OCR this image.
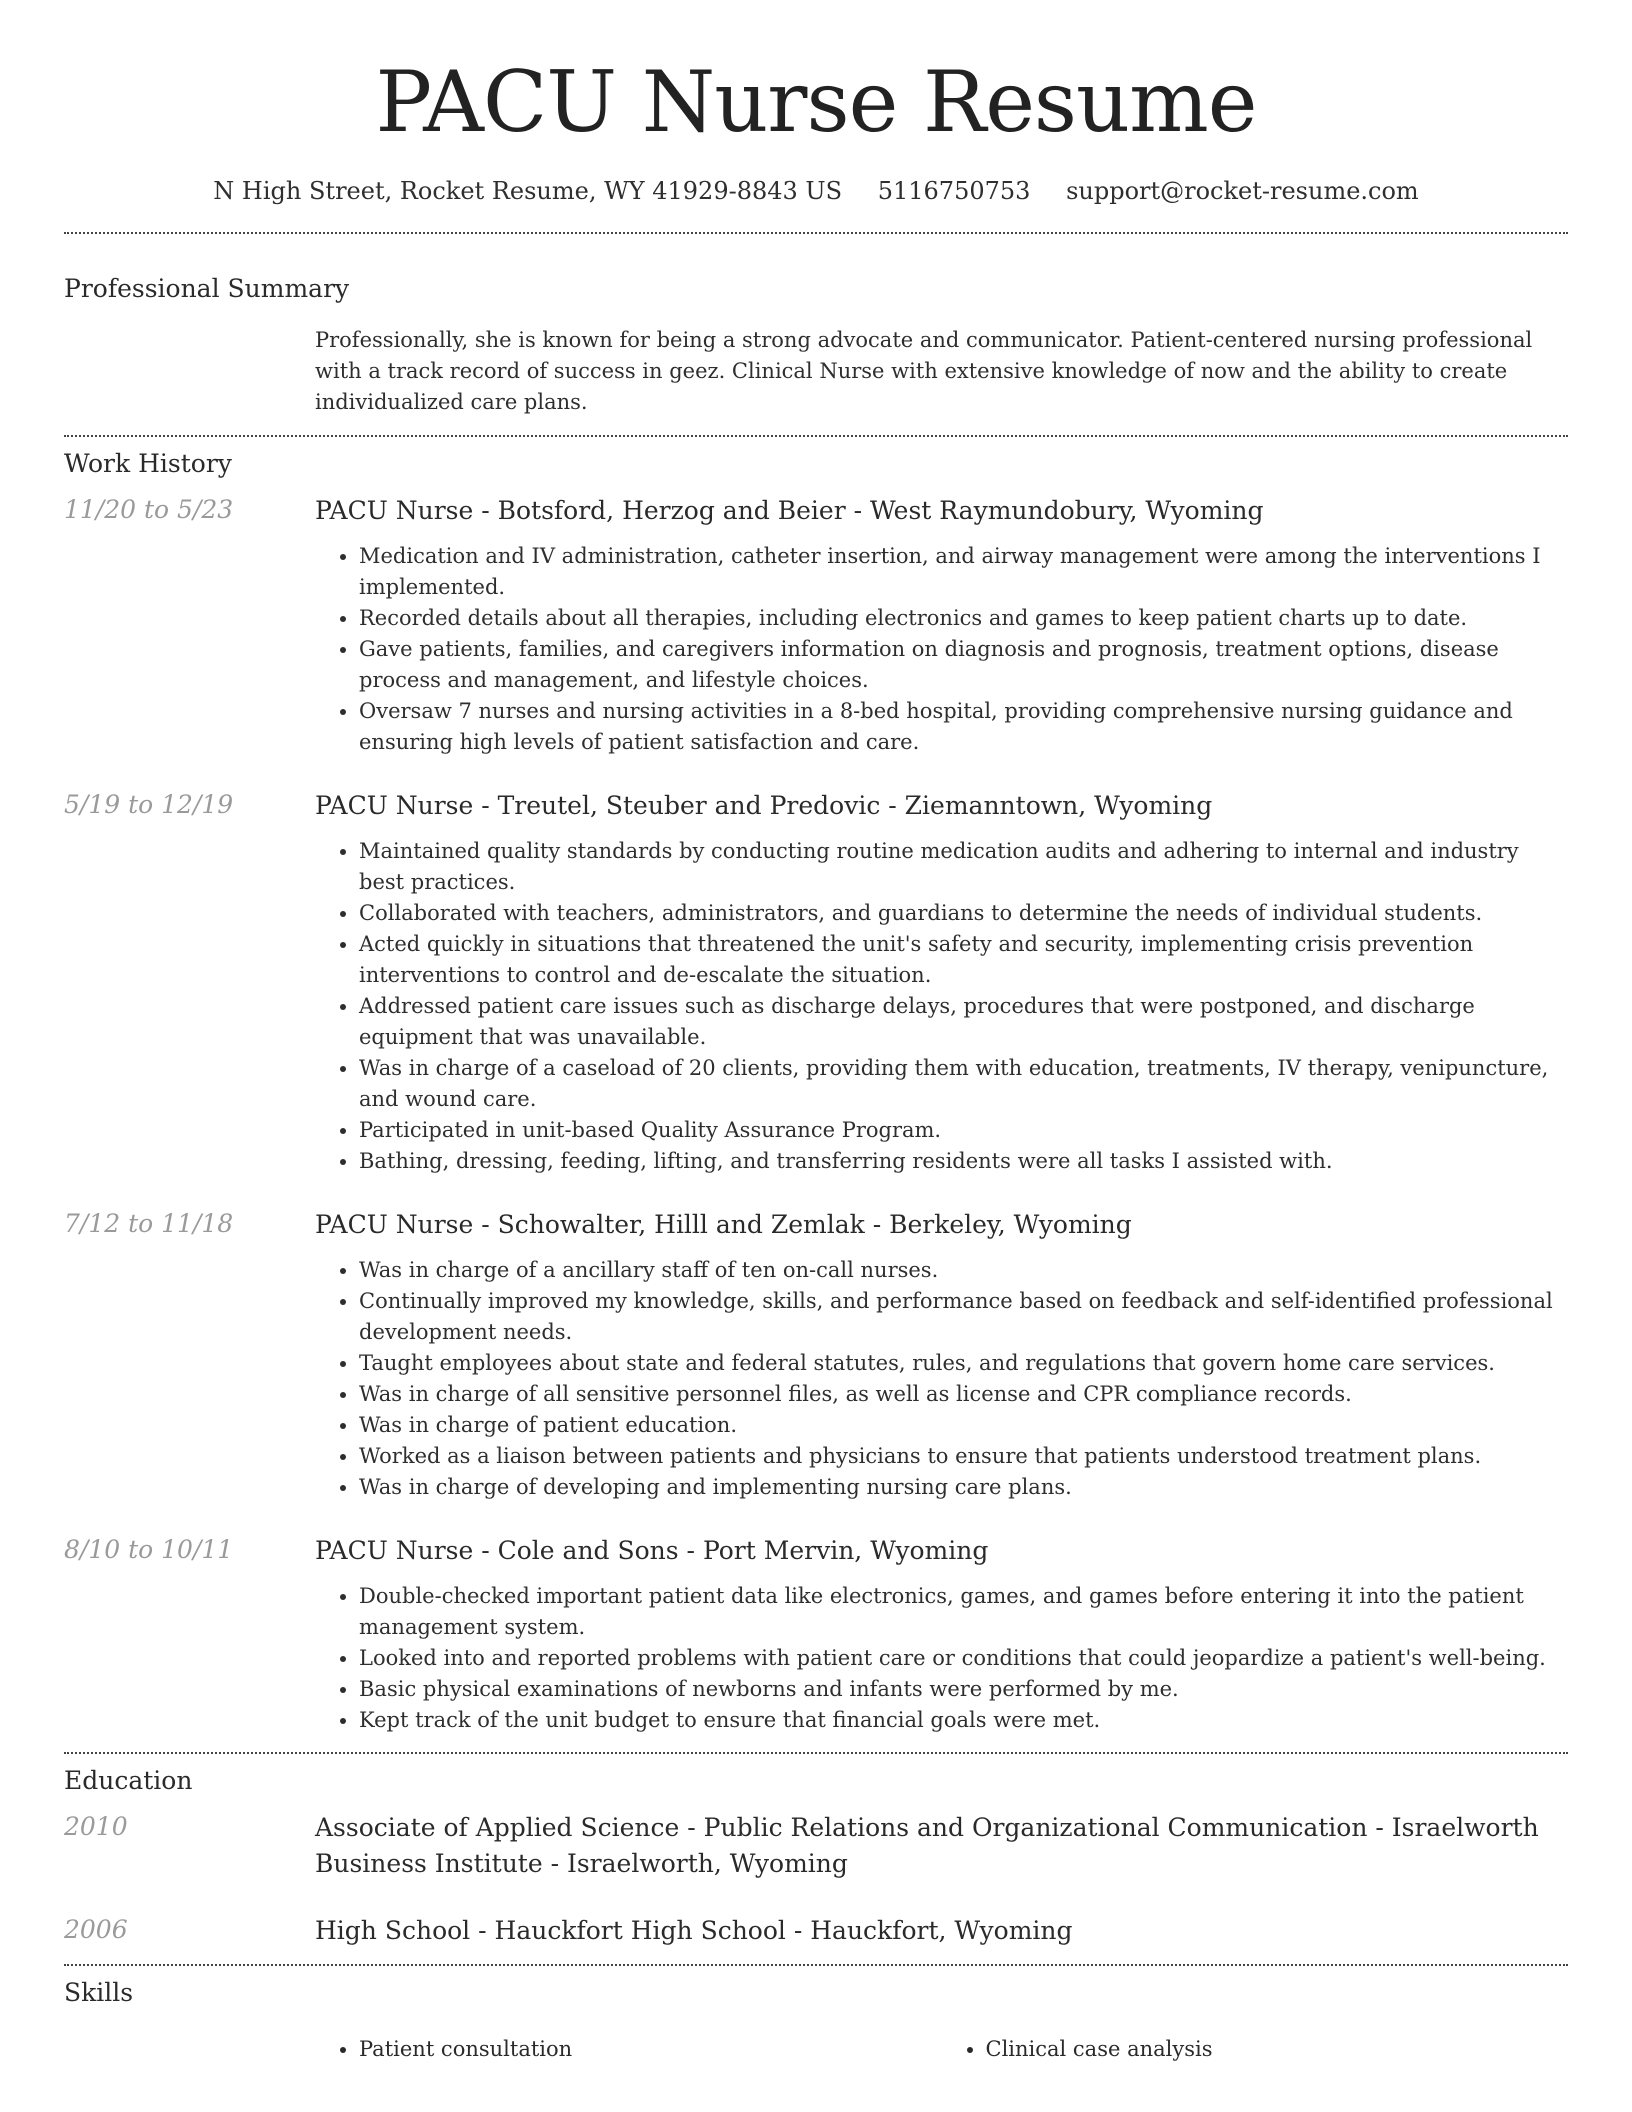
PACU Nurse Resume
N High Street, Rocket Resume, WY 41929-8843 US 5116750753 support@rocket-resume.com
Professional Summary
Professionally, she is known for being a strong advocate and communicator. Patient-centered nursing professional with a track record of success in geez. Clinical Nurse with extensive knowledge of now and the ability to create individualized care plans.
Work History
11/20 to 5/23	PACU Nurse - Botsford, Herzog and Beier - West Raymundobury, Wyoming
• Medication and IV administration, catheter insertion, and airway management were among the interventions I implemented.
• Recorded details about all therapies, including electronics and games to keep patient charts up to date.
• Gave patients, families, and caregivers information on diagnosis and prognosis, treatment options, disease process and management, and lifestyle choices.
• Oversaw 7 nurses and nursing activities in a 8-bed hospital, providing comprehensive nursing guidance and ensuring high levels of patient satisfaction and care.
5/19 to 12/19	PACU Nurse - Treutel, Steuber and Predovic - Ziemanntown, Wyoming
• Maintained quality standards by conducting routine medication audits and adhering to internal and industry best practices.
• Collaborated with teachers, administrators, and guardians to determine the needs of individual students.
• Acted quickly in situations that threatened the unit's safety and security, implementing crisis prevention interventions to control and de-escalate the situation.
• Addressed patient care issues such as discharge delays, procedures that were postponed, and discharge equipment that was unavailable.
• Was in charge of a caseload of 20 clients, providing them with education, treatments, IV therapy, venipuncture, and wound care.
• Participated in unit-based Quality Assurance Program.
• Bathing, dressing, feeding, lifting, and transferring residents were all tasks I assisted with.
7/12 to 11/18	PACU Nurse - Schowalter, Hilll and Zemlak - Berkeley, Wyoming
• Was in charge of a ancillary staff of ten on-call nurses.
• Continually improved my knowledge, skills, and performance based on feedback and self-identified professional development needs.
• Taught employees about state and federal statutes, rules, and regulations that govern home care services.
• Was in charge of all sensitive personnel files, as well as license and CPR compliance records.
• Was in charge of patient education.
• Worked as a liaison between patients and physicians to ensure that patients understood treatment plans.
• Was in charge of developing and implementing nursing care plans.
8/10 to 10/11	PACU Nurse - Cole and Sons - Port Mervin, Wyoming
• Double-checked important patient data like electronics, games, and games before entering it into the patient management system.
• Looked into and reported problems with patient care or conditions that could jeopardize a patient's well-being.
• Basic physical examinations of newborns and infants were performed by me.
• Kept track of the unit budget to ensure that financial goals were met.
Education
2010	Associate of Applied Science - Public Relations and Organizational Communication - Israelworth Business Institute - Israelworth, Wyoming
2006	High School - Hauckfort High School - Hauckfort, Wyoming
Skills
• Patient consultation
•	Clinical case analysis
